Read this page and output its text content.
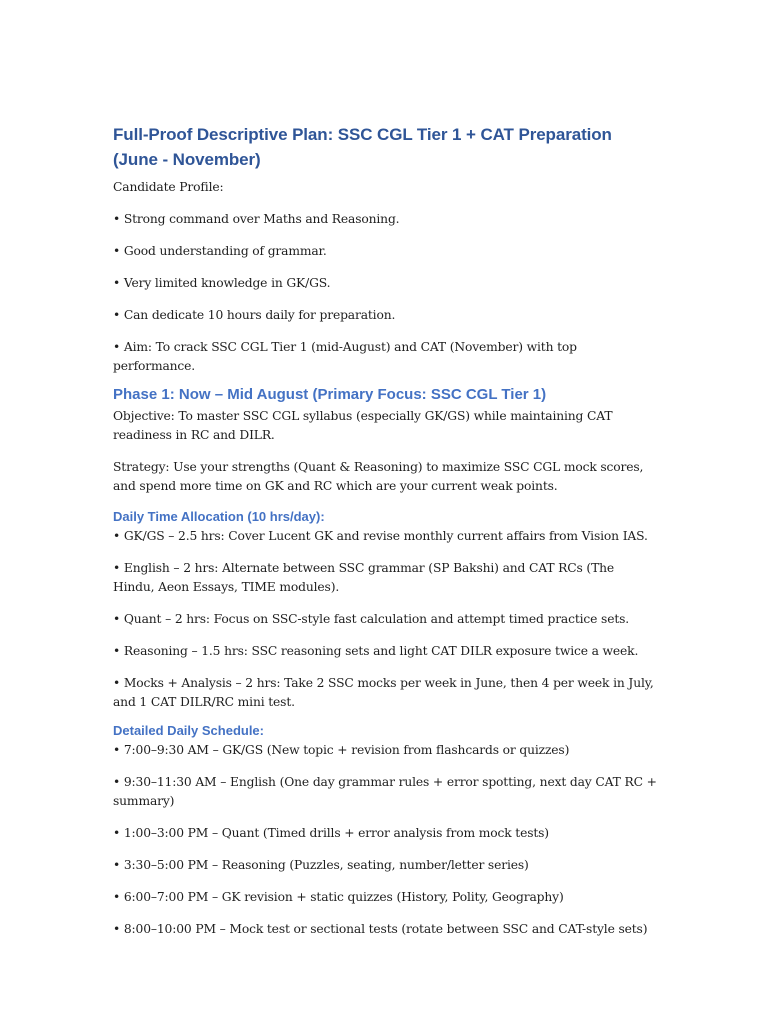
Full-Proof Descriptive Plan: SSC CGL Tier 1 + CAT Preparation (June - November)

Candidate Profile:

• Strong command over Maths and Reasoning.

• Good understanding of grammar.

• Very limited knowledge in GK/GS.

• Can dedicate 10 hours daily for preparation.

• Aim: To crack SSC CGL Tier 1 (mid-August) and CAT (November) with top performance.

Phase 1: Now – Mid August (Primary Focus: SSC CGL Tier 1)

Objective: To master SSC CGL syllabus (especially GK/GS) while maintaining CAT readiness in RC and DILR.

Strategy: Use your strengths (Quant & Reasoning) to maximize SSC CGL mock scores, and spend more time on GK and RC which are your current weak points.

Daily Time Allocation (10 hrs/day):

• GK/GS – 2.5 hrs: Cover Lucent GK and revise monthly current affairs from Vision IAS.

• English – 2 hrs: Alternate between SSC grammar (SP Bakshi) and CAT RCs (The Hindu, Aeon Essays, TIME modules).

• Quant – 2 hrs: Focus on SSC-style fast calculation and attempt timed practice sets.

• Reasoning – 1.5 hrs: SSC reasoning sets and light CAT DILR exposure twice a week.

• Mocks + Analysis – 2 hrs: Take 2 SSC mocks per week in June, then 4 per week in July, and 1 CAT DILR/RC mini test.

Detailed Daily Schedule:

• 7:00–9:30 AM – GK/GS (New topic + revision from flashcards or quizzes)

• 9:30–11:30 AM – English (One day grammar rules + error spotting, next day CAT RC + summary)

• 1:00–3:00 PM – Quant (Timed drills + error analysis from mock tests)

• 3:30–5:00 PM – Reasoning (Puzzles, seating, number/letter series)

• 6:00–7:00 PM – GK revision + static quizzes (History, Polity, Geography)

• 8:00–10:00 PM – Mock test or sectional tests (rotate between SSC and CAT-style sets)
